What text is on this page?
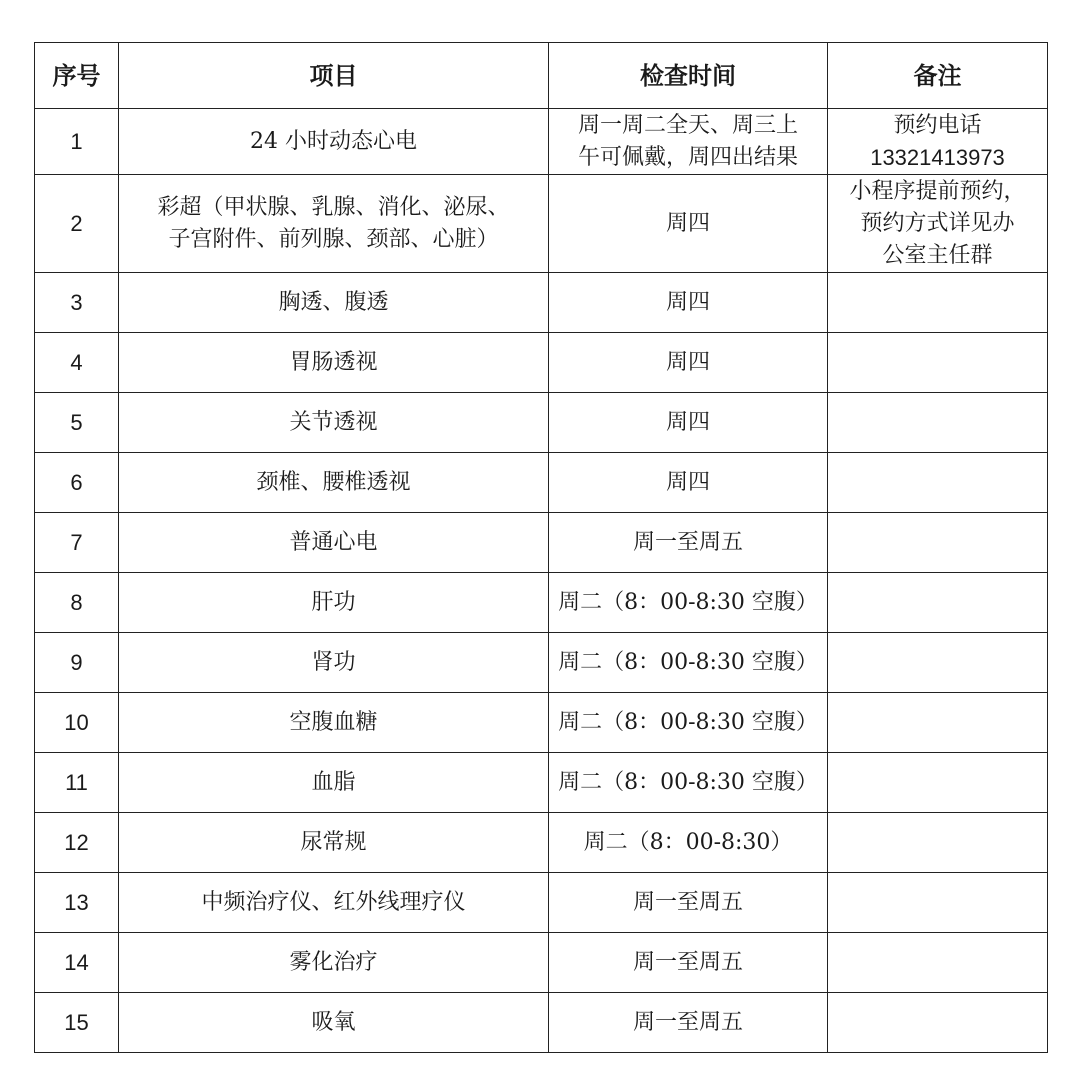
序号	项目	检查时间	备注
1	24 小时动态心电	周一周二全天、周三上
午可佩戴，周四出结果	预约电话
13321413973

2	彩超（甲状腺、乳腺、消化、泌尿、
子宫附件、前列腺、颈部、心脏）	周四	小程序提前预约，
预约方式详见办
公室主任群

3	胸透、腹透	周四	
4	胃肠透视	周四	
5	关节透视	周四	
6	颈椎、腰椎透视	周四	
7	普通心电	周一至周五	
8	肝功	周二（8：00-8:30 空腹）	
9	肾功	周二（8：00-8:30 空腹）	
10	空腹血糖	周二（8：00-8:30 空腹）	
11	血脂	周二（8：00-8:30 空腹）	
12	尿常规	周二（8：00-8:30）	
13	中频治疗仪、红外线理疗仪	周一至周五	
14	雾化治疗	周一至周五	
15	吸氧	周一至周五	
